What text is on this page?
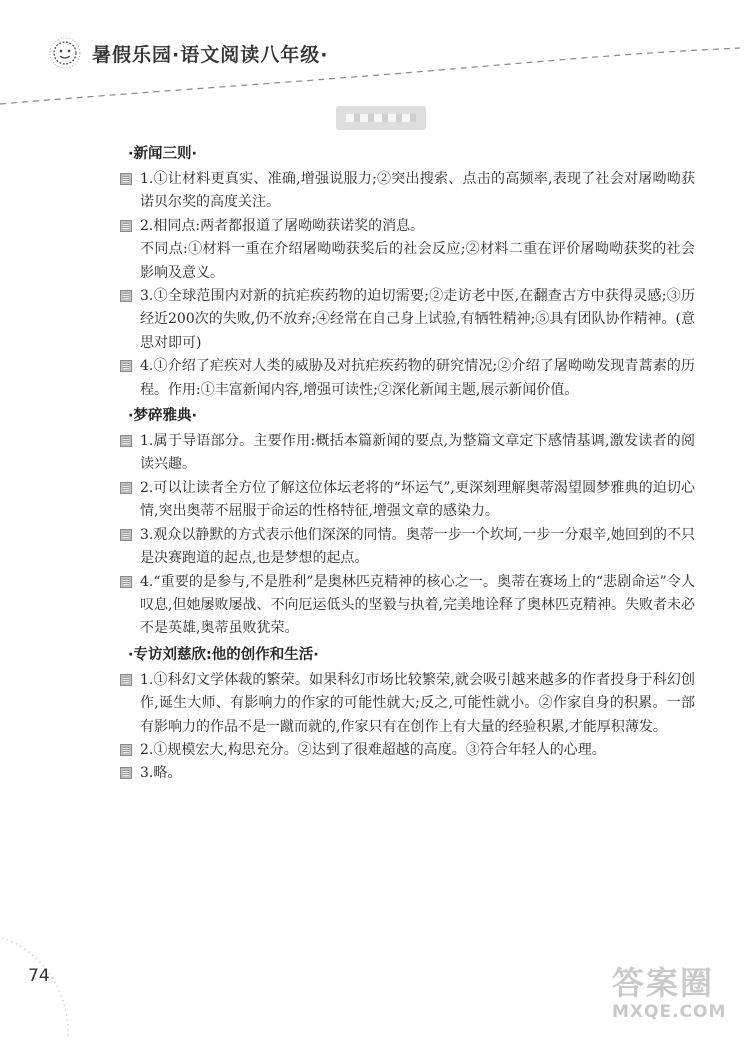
暑假乐园·语文阅读八年级·
·新闻三则·
1.①让材料更真实、准确,增强说服力;②突出搜索、点击的高频率,表现了社会对屠呦呦获诺贝尔奖的高度关注。
2.相同点:两者都报道了屠呦呦获诺奖的消息。
不同点:①材料一重在介绍屠呦呦获奖后的社会反应;②材料二重在评价屠呦呦获奖的社会影响及意义。
3.①全球范围内对新的抗疟疾药物的迫切需要;②走访老中医,在翻查古方中获得灵感;③历经近200次的失败,仍不放弃;④经常在自己身上试验,有牺牲精神;⑤具有团队协作精神。(意思对即可)
4.①介绍了疟疾对人类的威胁及对抗疟疾药物的研究情况;②介绍了屠呦呦发现青蒿素的历程。作用:①丰富新闻内容,增强可读性;②深化新闻主题,展示新闻价值。
·梦碎雅典·
1.属于导语部分。主要作用:概括本篇新闻的要点,为整篇文章定下感情基调,激发读者的阅读兴趣。
2.可以让读者全方位了解这位体坛老将的“坏运气”,更深刻理解奥蒂渴望圆梦雅典的迫切心情,突出奥蒂不屈服于命运的性格特征,增强文章的感染力。
3.观众以静默的方式表示他们深深的同情。奥蒂一步一个坎坷,一步一分艰辛,她回到的不只是决赛跑道的起点,也是梦想的起点。
4.“重要的是参与,不是胜利”是奥林匹克精神的核心之一。奥蒂在赛场上的“悲剧命运”令人叹息,但她屡败屡战、不向厄运低头的坚毅与执着,完美地诠释了奥林匹克精神。失败者未必不是英雄,奥蒂虽败犹荣。
·专访刘慈欣:他的创作和生活·
1.①科幻文学体裁的繁荣。如果科幻市场比较繁荣,就会吸引越来越多的作者投身于科幻创作,诞生大师、有影响力的作家的可能性就大;反之,可能性就小。②作家自身的积累。一部有影响力的作品不是一蹴而就的,作家只有在创作上有大量的经验积累,才能厚积薄发。
2.①规模宏大,构思充分。②达到了很难超越的高度。③符合年轻人的心理。
3.略。
74	答案圈
MXQE.COM
